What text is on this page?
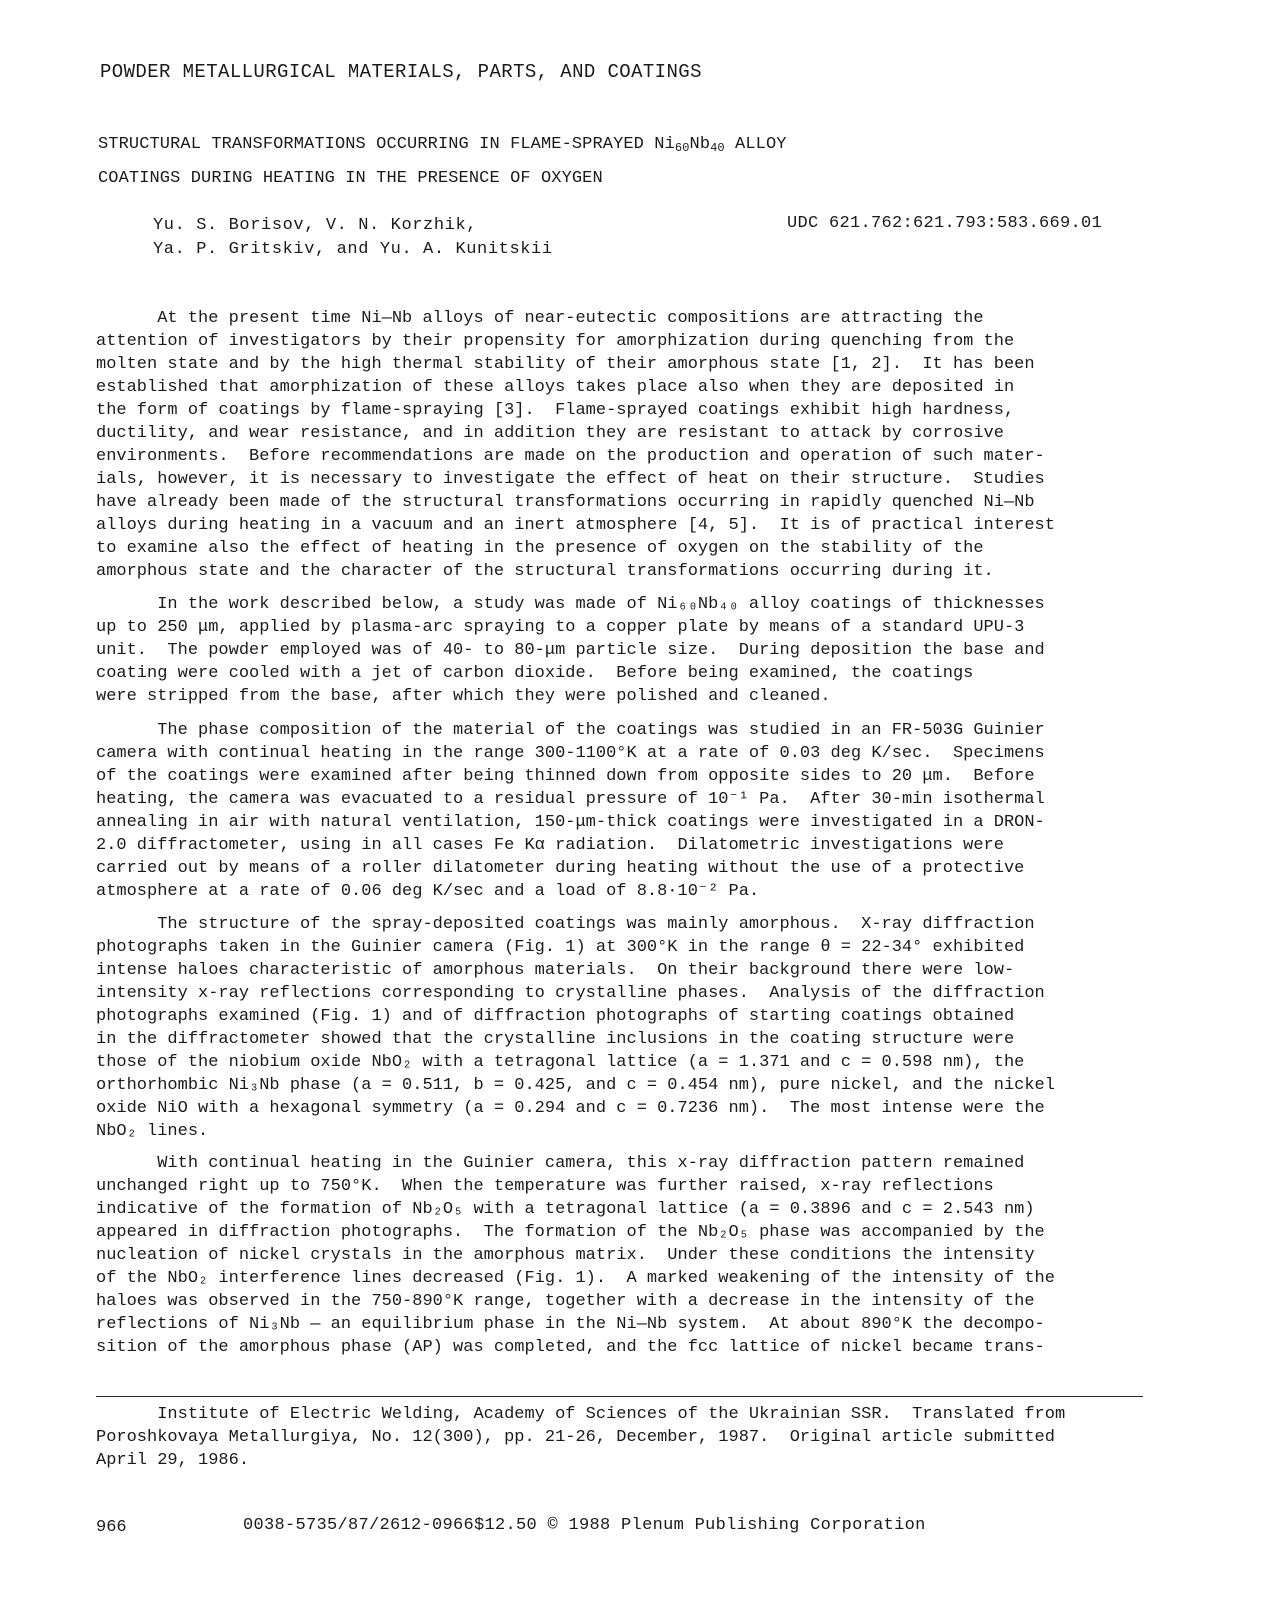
POWDER METALLURGICAL MATERIALS, PARTS, AND COATINGS
STRUCTURAL TRANSFORMATIONS OCCURRING IN FLAME-SPRAYED Ni60Nb40 ALLOY
COATINGS DURING HEATING IN THE PRESENCE OF OXYGEN
Yu. S. Borisov, V. N. Korzhik,
Ya. P. Gritskiv, and Yu. A. Kunitskii
UDC 621.762:621.793:583.669.01

At the present time Ni—Nb alloys of near-eutectic compositions are attracting the
attention of investigators by their propensity for amorphization during quenching from the
molten state and by the high thermal stability of their amorphous state [1, 2].  It has been
established that amorphization of these alloys takes place also when they are deposited in
the form of coatings by flame-spraying [3].  Flame-sprayed coatings exhibit high hardness,
ductility, and wear resistance, and in addition they are resistant to attack by corrosive
environments.  Before recommendations are made on the production and operation of such mater-
ials, however, it is necessary to investigate the effect of heat on their structure.  Studies
have already been made of the structural transformations occurring in rapidly quenched Ni—Nb
alloys during heating in a vacuum and an inert atmosphere [4, 5].  It is of practical interest
to examine also the effect of heating in the presence of oxygen on the stability of the
amorphous state and the character of the structural transformations occurring during it.

In the work described below, a study was made of Ni₆₀Nb₄₀ alloy coatings of thicknesses
up to 250 μm, applied by plasma-arc spraying to a copper plate by means of a standard UPU-3
unit.  The powder employed was of 40- to 80-μm particle size.  During deposition the base and
coating were cooled with a jet of carbon dioxide.  Before being examined, the coatings
were stripped from the base, after which they were polished and cleaned.

The phase composition of the material of the coatings was studied in an FR-503G Guinier
camera with continual heating in the range 300-1100°K at a rate of 0.03 deg K/sec.  Specimens
of the coatings were examined after being thinned down from opposite sides to 20 μm.  Before
heating, the camera was evacuated to a residual pressure of 10⁻¹ Pa.  After 30-min isothermal
annealing in air with natural ventilation, 150-μm-thick coatings were investigated in a DRON-
2.0 diffractometer, using in all cases Fe Kα radiation.  Dilatometric investigations were
carried out by means of a roller dilatometer during heating without the use of a protective
atmosphere at a rate of 0.06 deg K/sec and a load of 8.8·10⁻² Pa.

The structure of the spray-deposited coatings was mainly amorphous.  X-ray diffraction
photographs taken in the Guinier camera (Fig. 1) at 300°K in the range θ = 22-34° exhibited
intense haloes characteristic of amorphous materials.  On their background there were low-
intensity x-ray reflections corresponding to crystalline phases.  Analysis of the diffraction
photographs examined (Fig. 1) and of diffraction photographs of starting coatings obtained
in the diffractometer showed that the crystalline inclusions in the coating structure were
those of the niobium oxide NbO₂ with a tetragonal lattice (a = 1.371 and c = 0.598 nm), the
orthorhombic Ni₃Nb phase (a = 0.511, b = 0.425, and c = 0.454 nm), pure nickel, and the nickel
oxide NiO with a hexagonal symmetry (a = 0.294 and c = 0.7236 nm).  The most intense were the
NbO₂ lines.

With continual heating in the Guinier camera, this x-ray diffraction pattern remained
unchanged right up to 750°K.  When the temperature was further raised, x-ray reflections
indicative of the formation of Nb₂O₅ with a tetragonal lattice (a = 0.3896 and c = 2.543 nm)
appeared in diffraction photographs.  The formation of the Nb₂O₅ phase was accompanied by the
nucleation of nickel crystals in the amorphous matrix.  Under these conditions the intensity
of the NbO₂ interference lines decreased (Fig. 1).  A marked weakening of the intensity of the
haloes was observed in the 750-890°K range, together with a decrease in the intensity of the
reflections of Ni₃Nb — an equilibrium phase in the Ni—Nb system.  At about 890°K the decompo-
sition of the amorphous phase (AP) was completed, and the fcc lattice of nickel became trans-

Institute of Electric Welding, Academy of Sciences of the Ukrainian SSR.  Translated from
Poroshkovaya Metallurgiya, No. 12(300), pp. 21-26, December, 1987.  Original article submitted
April 29, 1986.

966	0038-5735/87/2612-0966$12.50 © 1988 Plenum Publishing Corporation
